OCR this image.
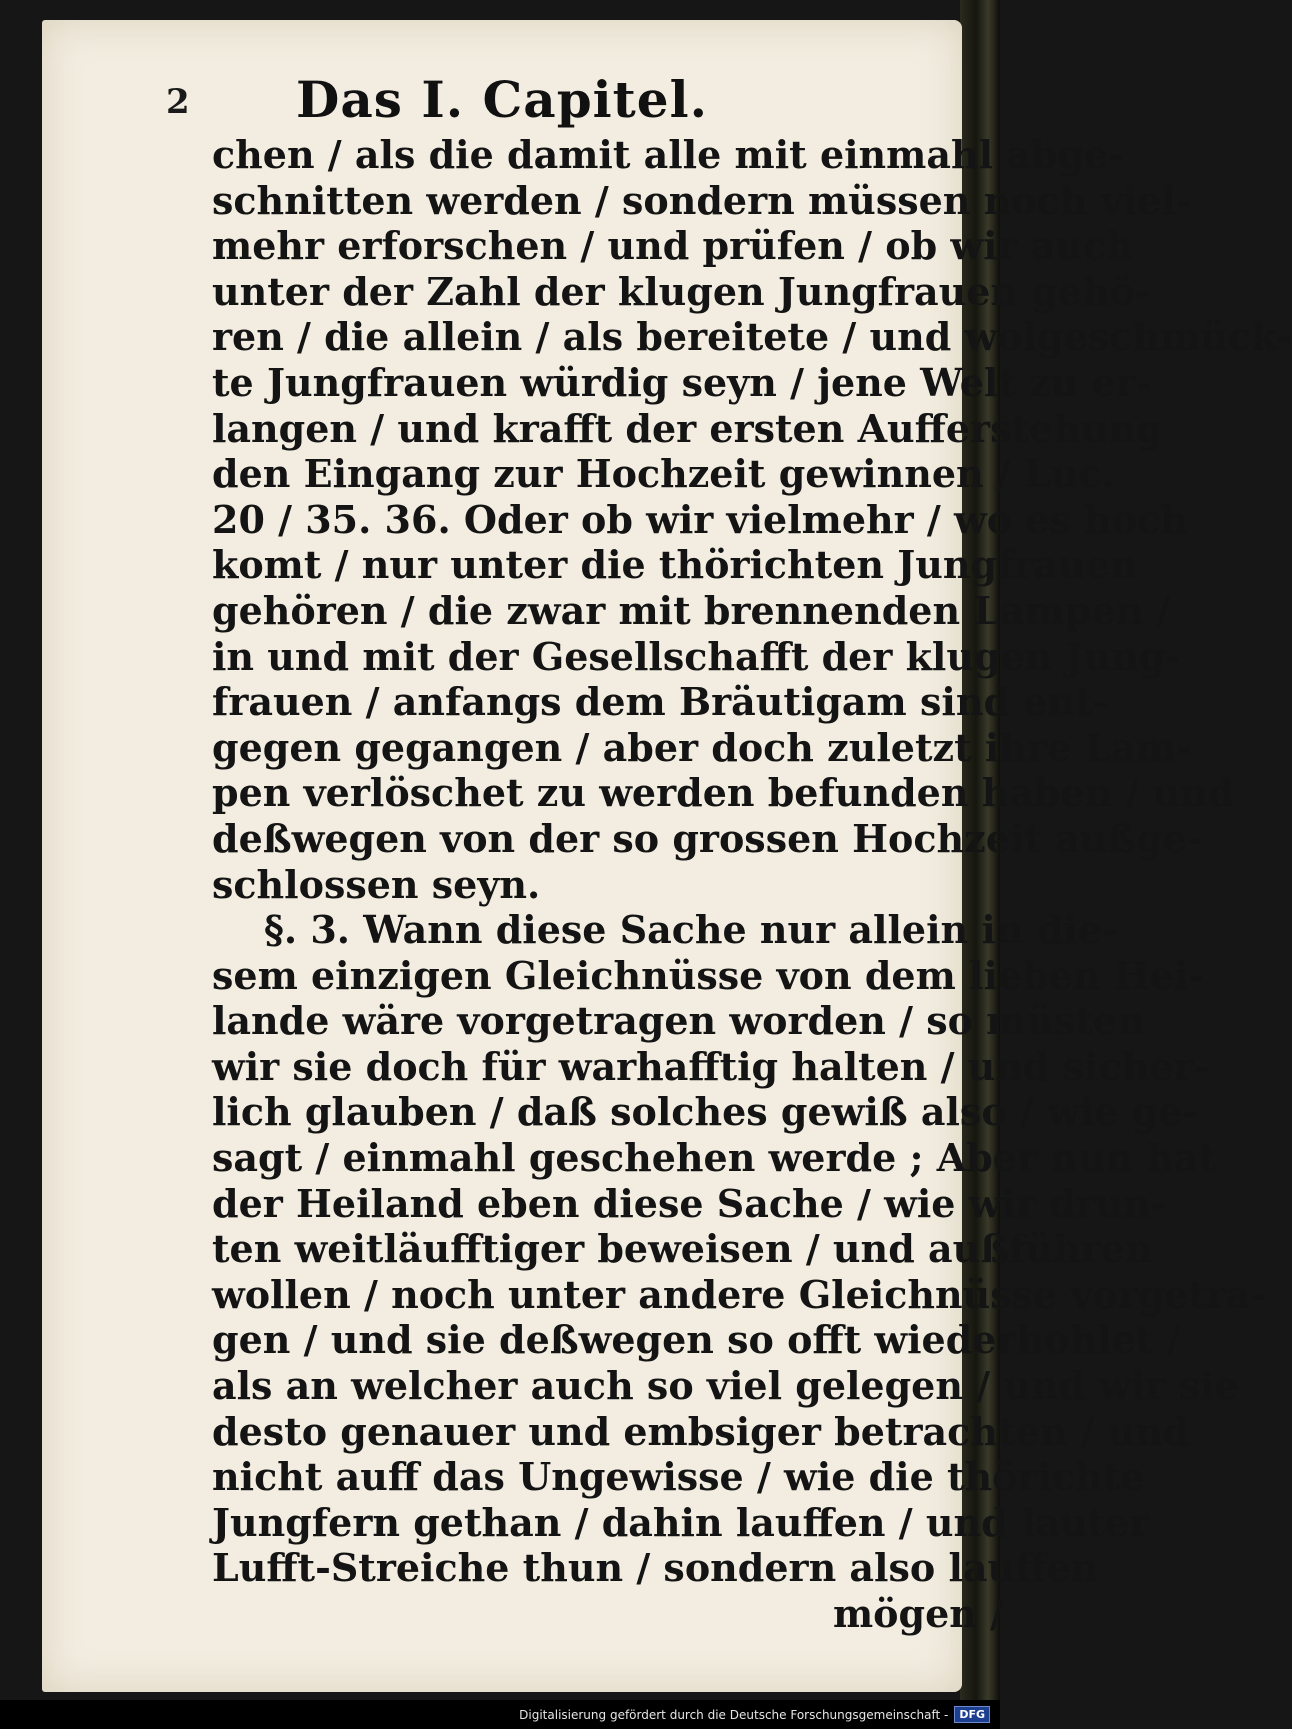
2	Das I. Capitel.
chen / als die damit alle mit einmahl abge-
schnitten werden / sondern müssen noch viel-
mehr erforschen / und prüfen / ob wir auch
unter der Zahl der klugen Jungfrauen gehö-
ren / die allein / als bereitete / und wolgeschmück-
te Jungfrauen würdig seyn / jene Welt zu er-
langen / und krafft der ersten Aufferstehung
den Eingang zur Hochzeit gewinnen / Luc.
20 / 35. 36. Oder ob wir vielmehr / wo es hoch
komt / nur unter die thörichten Jungfrauen
gehören / die zwar mit brennenden Lampen /
in und mit der Gesellschafft der klugen Jung-
frauen / anfangs dem Bräutigam sind ent-
gegen gegangen / aber doch zuletzt ihre Lam-
pen verlöschet zu werden befunden haben / und
deßwegen von der so grossen Hochzeit außge-
schlossen seyn.
§. 3. Wann diese Sache nur allein in die-
sem einzigen Gleichnüsse von dem lieben Hei-
lande wäre vorgetragen worden / so müsten
wir sie doch für warhafftig halten / und sicher-
lich glauben / daß solches gewiß also / wie ge-
sagt / einmahl geschehen werde ; Aber nun hat
der Heiland eben diese Sache / wie wir drun-
ten weitläufftiger beweisen / und außführen
wollen / noch unter andere Gleichnüsse vorgetra-
gen / und sie deßwegen so offt wiederhohlet /
als an welcher auch so viel gelegen / und wir sie
desto genauer und embsiger betrachten / und
nicht auff das Ungewisse / wie die thörichte
Jungfern gethan / dahin lauffen / und lauter
Lufft-Streiche thun / sondern also lauffen
mögen /
Digitalisierung gefördert durch die Deutsche Forschungsgemeinschaft -	DFG
